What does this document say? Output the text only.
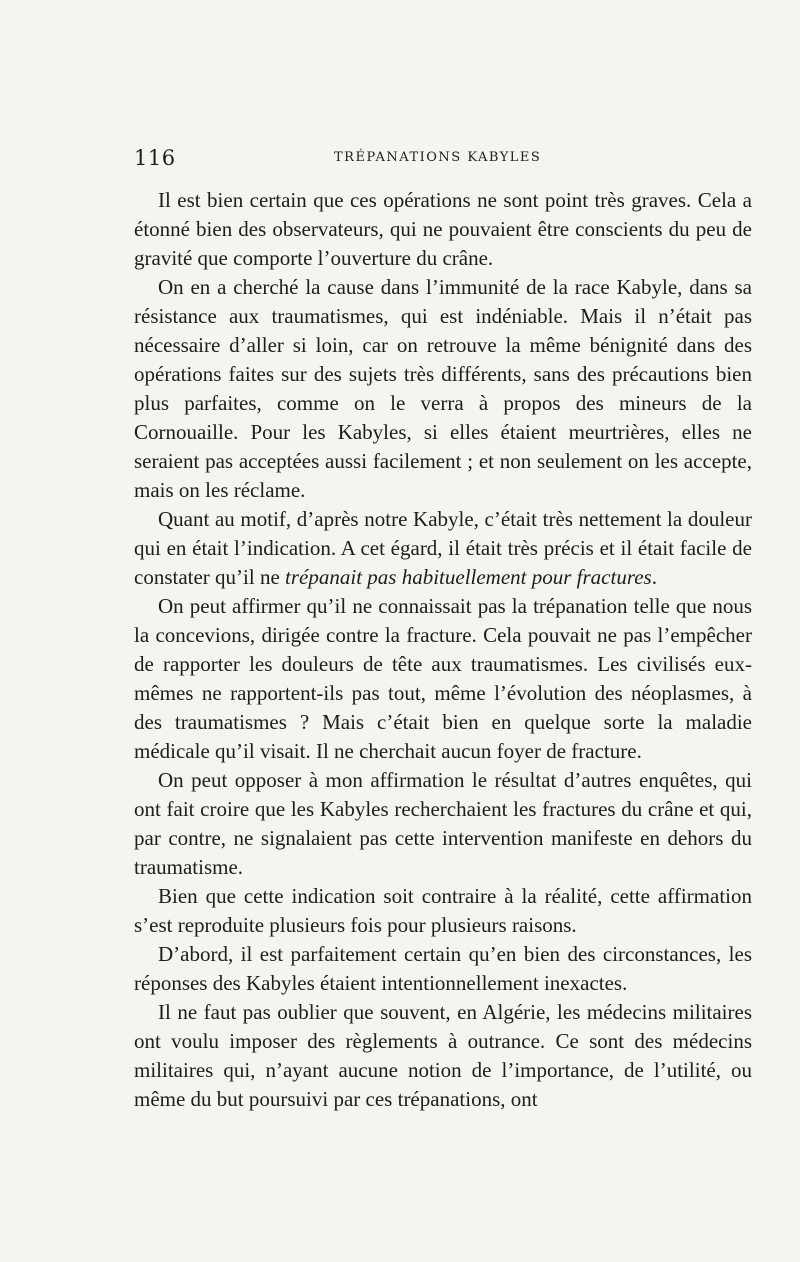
116	TRÉPANATIONS KABYLES

Il est bien certain que ces opérations ne sont point très graves. Cela a étonné bien des observateurs, qui ne pouvaient être conscients du peu de gravité que comporte l’ouverture du crâne.

On en a cherché la cause dans l’immunité de la race Kabyle, dans sa résistance aux traumatismes, qui est indéniable. Mais il n’était pas nécessaire d’aller si loin, car on retrouve la même bénignité dans des opérations faites sur des sujets très différents, sans des précautions bien plus parfaites, comme on le verra à propos des mineurs de la Cornouaille. Pour les Kabyles, si elles étaient meurtrières, elles ne seraient pas acceptées aussi facilement ; et non seulement on les accepte, mais on les réclame.

Quant au motif, d’après notre Kabyle, c’était très nettement la douleur qui en était l’indication. A cet égard, il était très précis et il était facile de constater qu’il ne trépanait pas habituellement pour fractures.

On peut affirmer qu’il ne connaissait pas la trépanation telle que nous la concevions, dirigée contre la fracture. Cela pouvait ne pas l’empêcher de rapporter les douleurs de tête aux traumatismes. Les civilisés eux-mêmes ne rapportent-ils pas tout, même l’évolution des néoplasmes, à des traumatismes ? Mais c’était bien en quelque sorte la maladie médicale qu’il visait. Il ne cherchait aucun foyer de fracture.

On peut opposer à mon affirmation le résultat d’autres enquêtes, qui ont fait croire que les Kabyles recherchaient les fractures du crâne et qui, par contre, ne signalaient pas cette intervention manifeste en dehors du traumatisme.

Bien que cette indication soit contraire à la réalité, cette affirmation s’est reproduite plusieurs fois pour plusieurs raisons.

D’abord, il est parfaitement certain qu’en bien des circonstances, les réponses des Kabyles étaient intentionnellement inexactes.

Il ne faut pas oublier que souvent, en Algérie, les médecins militaires ont voulu imposer des règlements à outrance. Ce sont des médecins militaires qui, n’ayant aucune notion de l’importance, de l’utilité, ou même du but poursuivi par ces trépanations, ont
